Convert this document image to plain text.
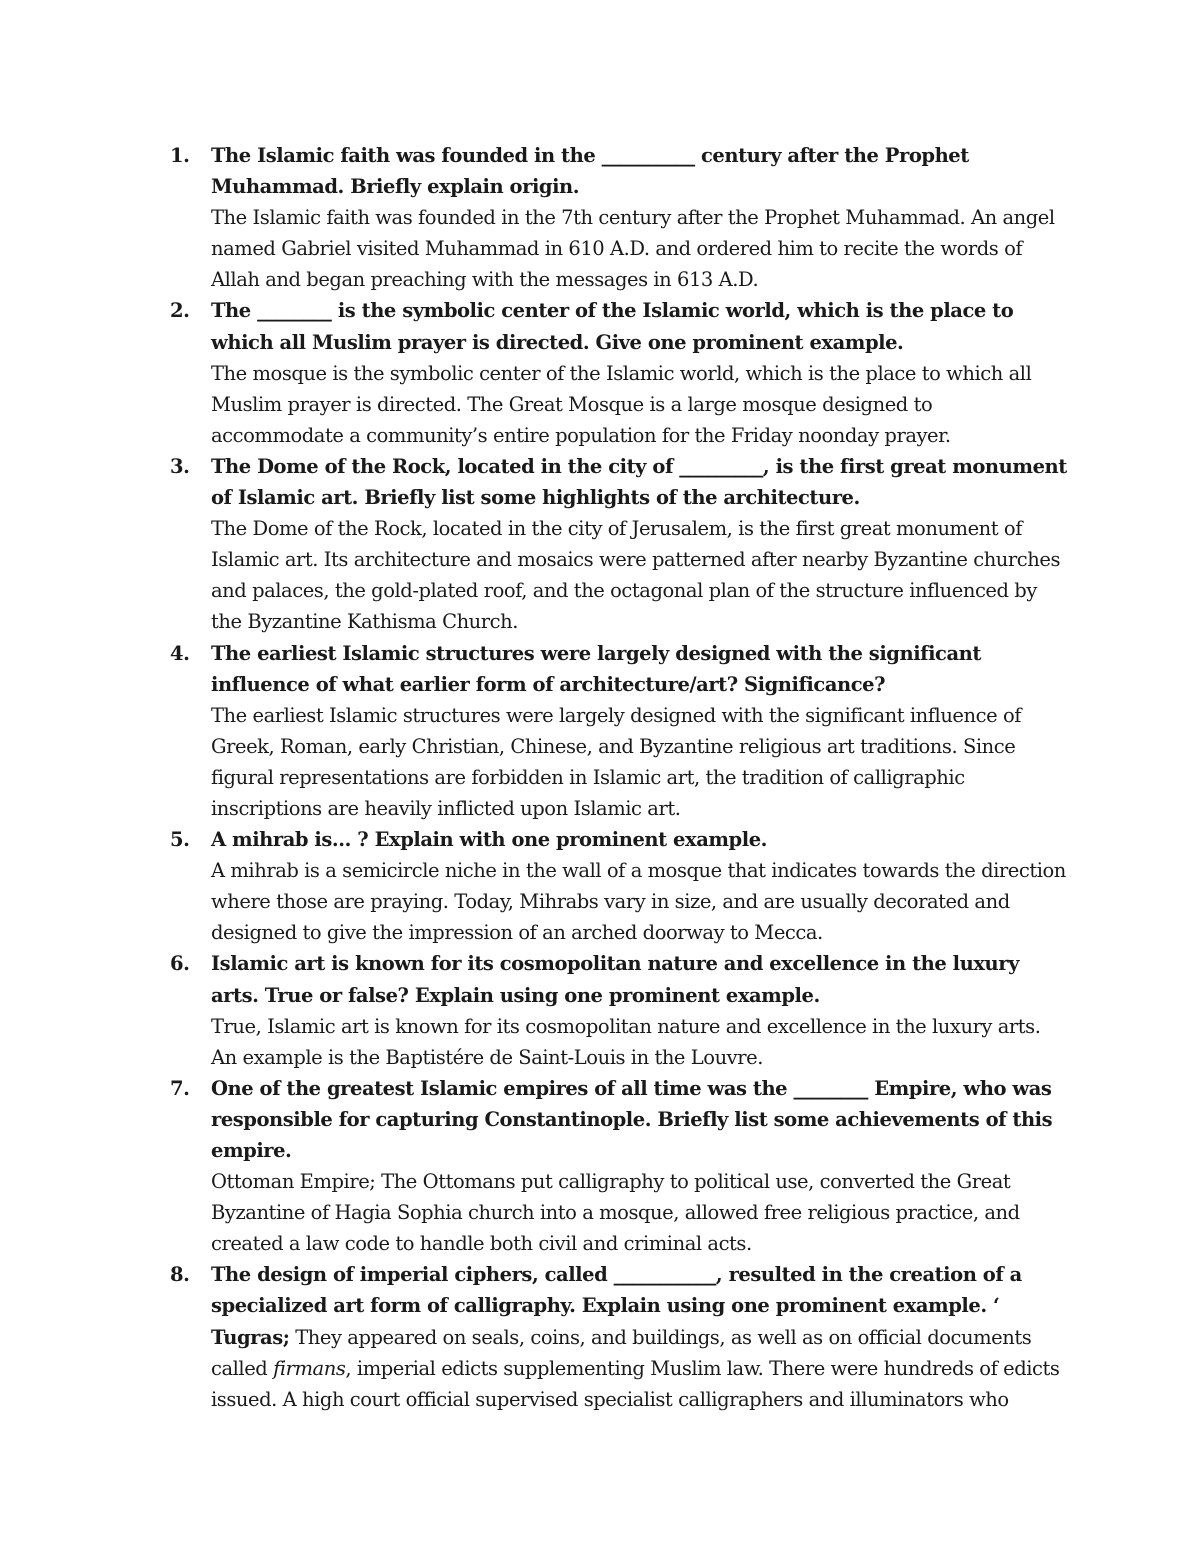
1. The Islamic faith was founded in the __________ century after the Prophet Muhammad. Briefly explain origin.
The Islamic faith was founded in the 7th century after the Prophet Muhammad. An angel named Gabriel visited Muhammad in 610 A.D. and ordered him to recite the words of Allah and began preaching with the messages in 613 A.D.
2. The ________ is the symbolic center of the Islamic world, which is the place to which all Muslim prayer is directed. Give one prominent example.
The mosque is the symbolic center of the Islamic world, which is the place to which all Muslim prayer is directed. The Great Mosque is a large mosque designed to accommodate a community’s entire population for the Friday noonday prayer.
3. The Dome of the Rock, located in the city of _________, is the first great monument of Islamic art. Briefly list some highlights of the architecture.
The Dome of the Rock, located in the city of Jerusalem, is the first great monument of Islamic art. Its architecture and mosaics were patterned after nearby Byzantine churches and palaces, the gold-plated roof, and the octagonal plan of the structure influenced by the Byzantine Kathisma Church.
4. The earliest Islamic structures were largely designed with the significant influence of what earlier form of architecture/art? Significance?
The earliest Islamic structures were largely designed with the significant influence of Greek, Roman, early Christian, Chinese, and Byzantine religious art traditions. Since figural representations are forbidden in Islamic art, the tradition of calligraphic inscriptions are heavily inflicted upon Islamic art.
5. A mihrab is… ? Explain with one prominent example.
A mihrab is a semicircle niche in the wall of a mosque that indicates towards the direction where those are praying. Today, Mihrabs vary in size, and are usually decorated and designed to give the impression of an arched doorway to Mecca.
6. Islamic art is known for its cosmopolitan nature and excellence in the luxury arts. True or false? Explain using one prominent example.
True, Islamic art is known for its cosmopolitan nature and excellence in the luxury arts. An example is the Baptistére de Saint-Louis in the Louvre.
7. One of the greatest Islamic empires of all time was the ________ Empire, who was responsible for capturing Constantinople. Briefly list some achievements of this empire.
Ottoman Empire; The Ottomans put calligraphy to political use, converted the Great Byzantine of Hagia Sophia church into a mosque, allowed free religious practice, and created a law code to handle both civil and criminal acts.
8. The design of imperial ciphers, called ___________, resulted in the creation of a specialized art form of calligraphy. Explain using one prominent example. ‘
Tugras; They appeared on seals, coins, and buildings, as well as on official documents called firmans, imperial edicts supplementing Muslim law. There were hundreds of edicts issued. A high court official supervised specialist calligraphers and illuminators who
